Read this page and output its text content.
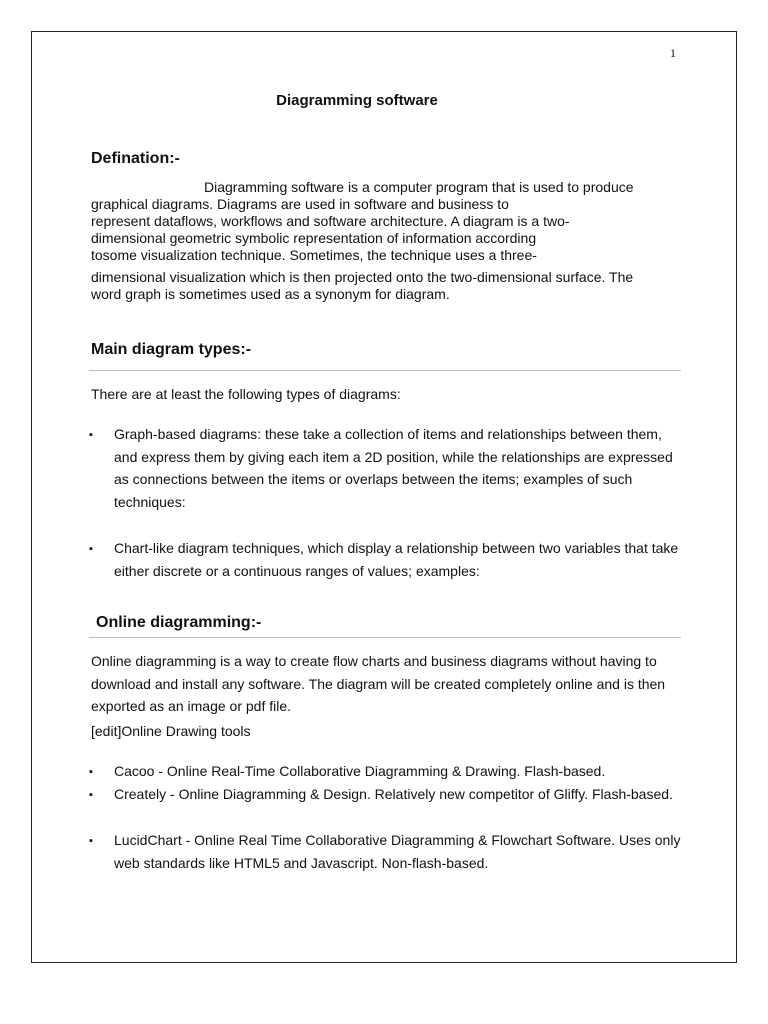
1
Diagramming software
Defination:-
Diagramming software is a computer program that is used to produce
graphical diagrams. Diagrams are used in software and business to
represent dataflows, workflows and software architecture. A diagram is a two-
dimensional geometric symbolic representation of information according
tosome visualization technique. Sometimes, the technique uses a three-
dimensional visualization which is then projected onto the two-dimensional surface. The
word graph is sometimes used as a synonym for diagram.
Main diagram types:-
There are at least the following types of diagrams:
▪ Graph-based diagrams: these take a collection of items and relationships between them, and express them by giving each item a 2D position, while the relationships are expressed as connections between the items or overlaps between the items; examples of such techniques:

▪ Chart-like diagram techniques, which display a relationship between two variables that take either discrete or a continuous ranges of values; examples:

Online diagramming:-

Online diagramming is a way to create flow charts and business diagrams without having to download and install any software. The diagram will be created completely online and is then exported as an image or pdf file.

[edit]Online Drawing tools
▪ Cacoo - Online Real-Time Collaborative Diagramming & Drawing. Flash-based.

▪ Creately - Online Diagramming & Design. Relatively new competitor of Gliffy. Flash-based.

▪ LucidChart - Online Real Time Collaborative Diagramming & Flowchart Software. Uses only web standards like HTML5 and Javascript. Non-flash-based.
